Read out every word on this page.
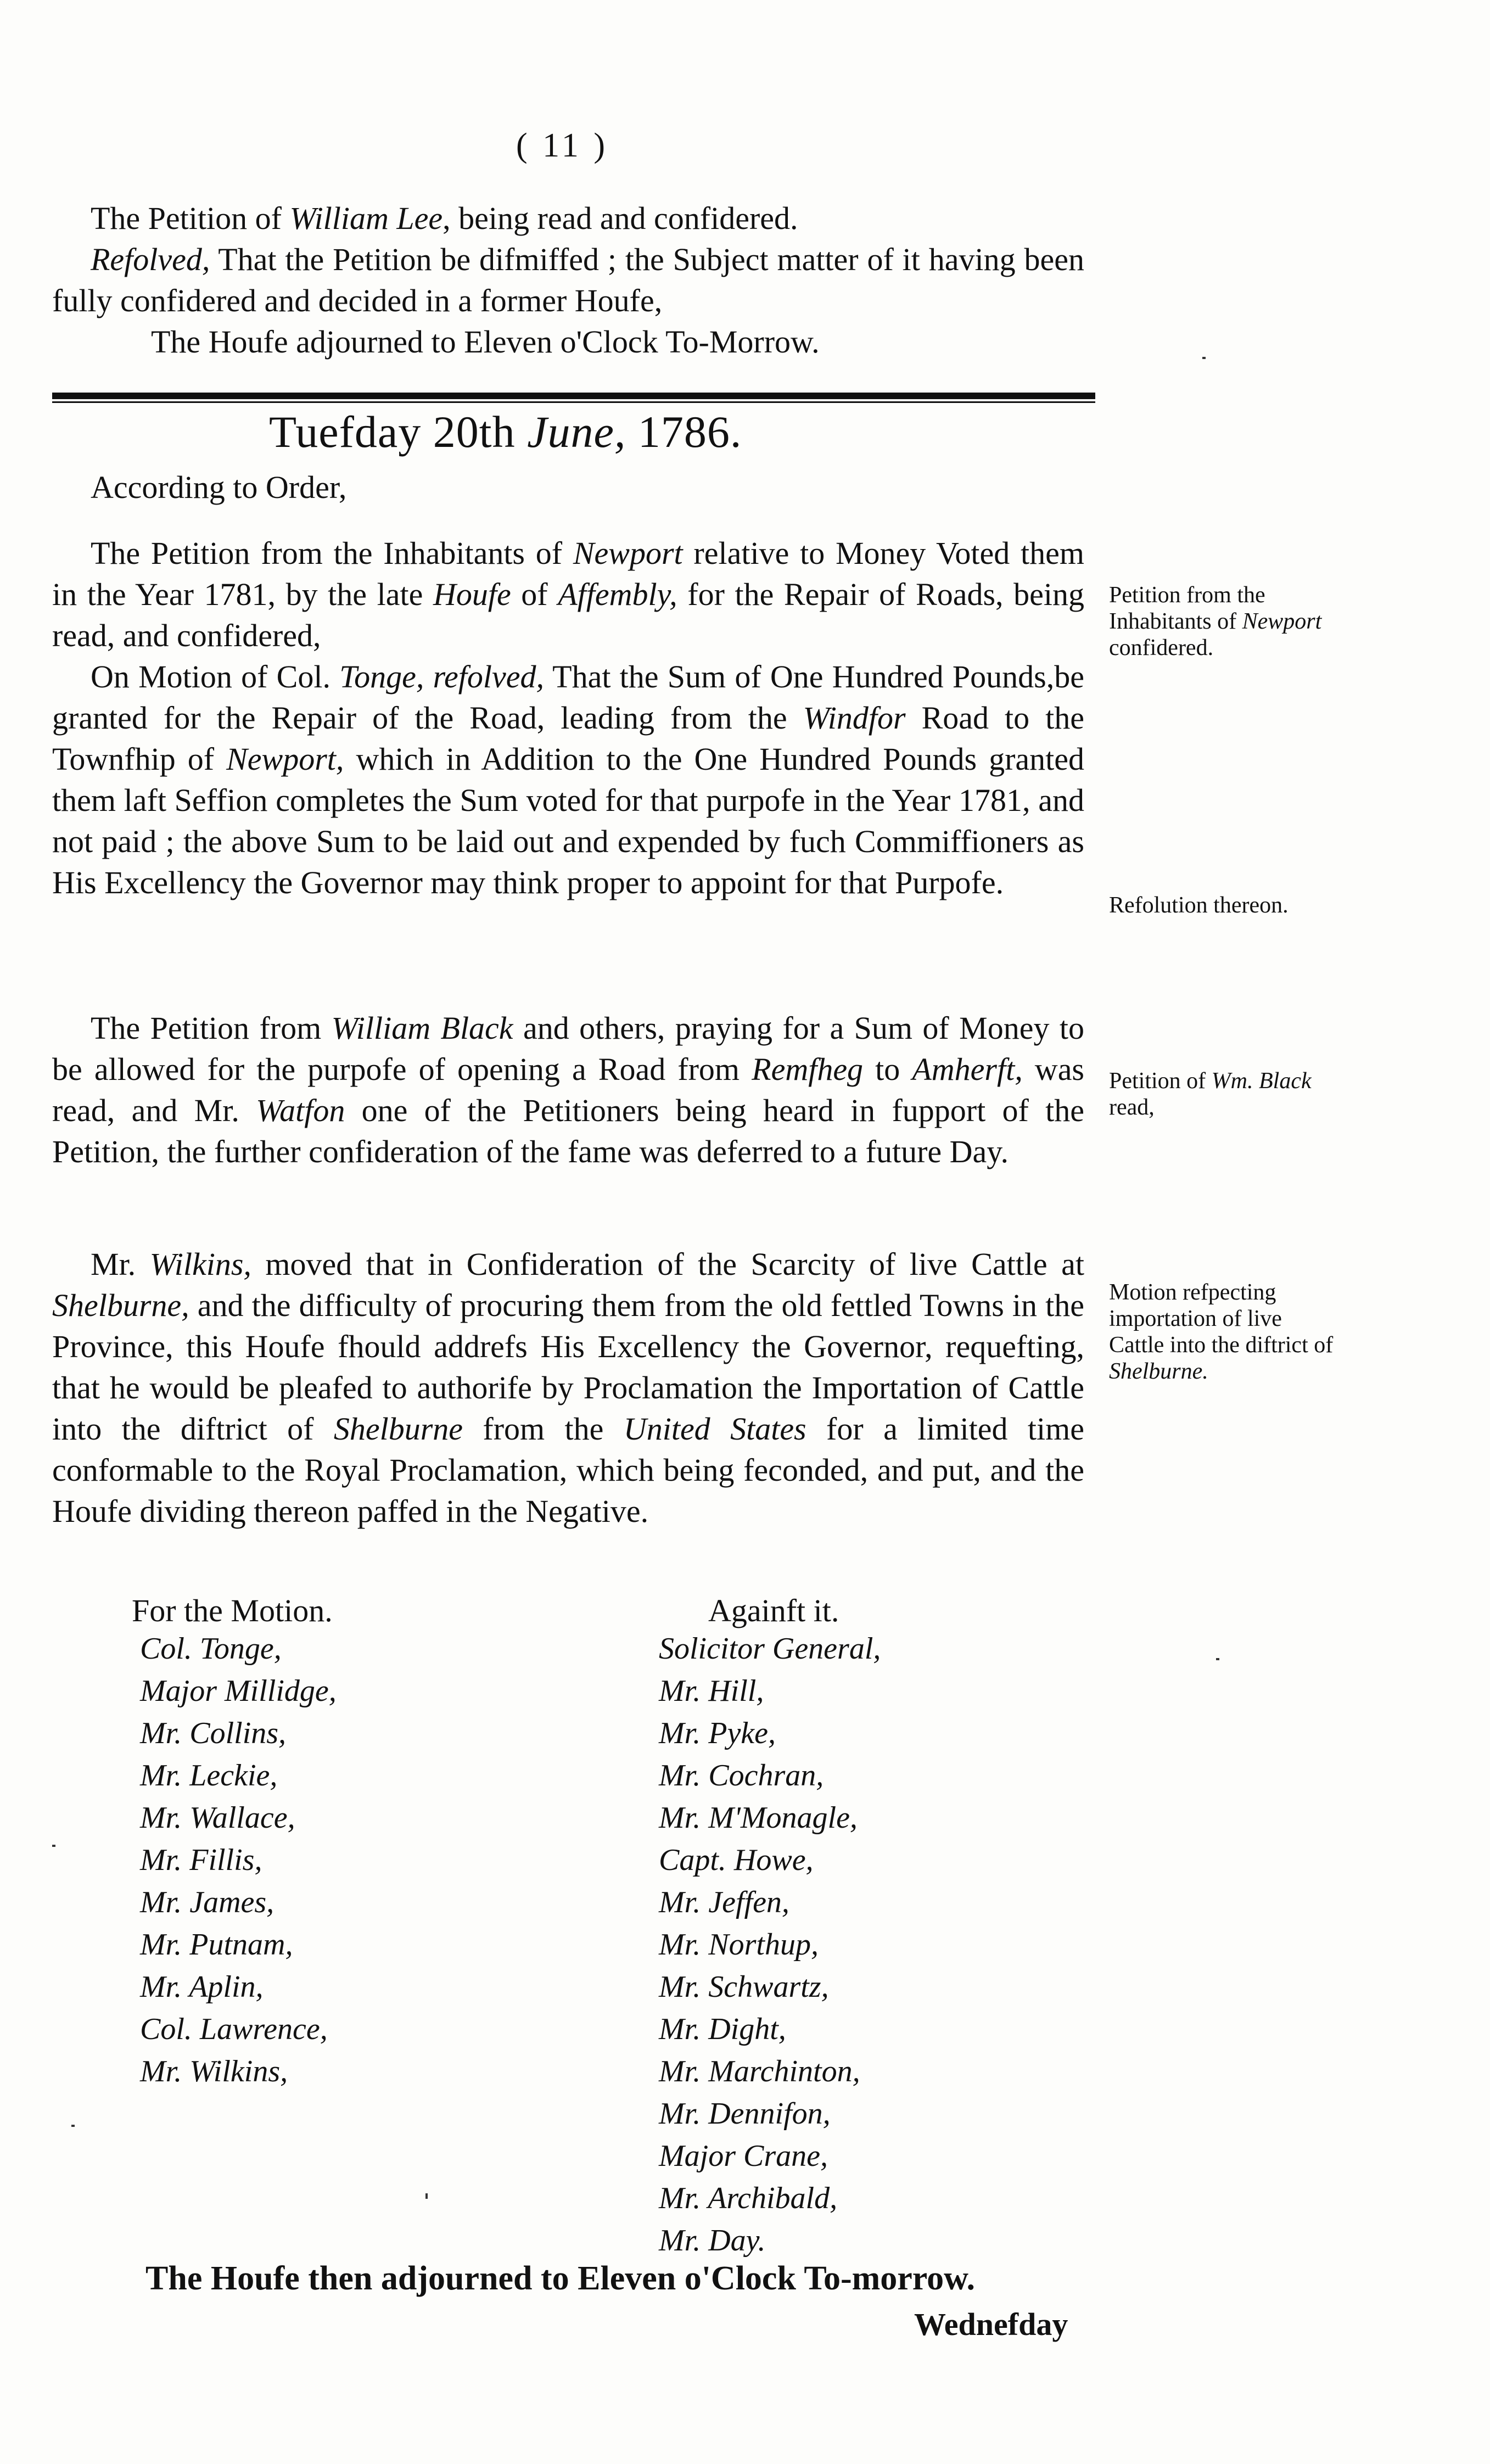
( 11 )

The Petition of William Lee, being read and confidered.

Refolved, That the Petition be difmiffed ; the Subject matter of it having been fully confidered and decided in a former Houfe,

The Houfe adjourned to Eleven o'Clock To-Morrow.

Tuefday 20th June, 1786.

According to Order,

The Petition from the Inhabitants of Newport relative to Money Voted them in the Year 1781, by the late Houfe of Affembly, for the Repair of Roads, being read, and confidered,

On Motion of Col. Tonge, refolved, That the Sum of One Hundred Pounds,be granted for the Repair of the Road, leading from the Windfor Road to the Townfhip of Newport, which in Addition to the One Hundred Pounds granted them laft Seffion completes the Sum voted for that purpofe in the Year 1781, and not paid ; the above Sum to be laid out and expended by fuch Commiffioners as His Excellency the Governor may think proper to appoint for that Purpofe.

The Petition from William Black and others, praying for a Sum of Money to be allowed for the purpofe of opening a Road from Remfheg to Amherft, was read, and Mr. Watfon one of the Petitioners being heard in fupport of the Petition, the further confideration of the fame was deferred to a future Day.

Mr. Wilkins, moved that in Confideration of the Scarcity of live Cattle at Shelburne, and the difficulty of procuring them from the old fettled Towns in the Province, this Houfe fhould addrefs His Excellency the Governor, requefting, that he would be pleafed to authorife by Proclamation the Importation of Cattle into the diftrict of Shelburne from the United States for a limited time conformable to the Royal Proclamation, which being feconded, and put, and the Houfe dividing thereon paffed in the Negative.

Petition from the Inhabitants of Newport confidered.
Refolution thereon.
Petition of Wm. Black read,
Motion refpecting importation of live Cattle into the diftrict of Shelburne.
For the Motion.	Againft it.
Col. Tonge,
Major Millidge,
Mr. Collins,
Mr. Leckie,
Mr. Wallace,
Mr. Fillis,
Mr. James,
Mr. Putnam,
Mr. Aplin,
Col. Lawrence,
Mr. Wilkins,
Solicitor General,
Mr. Hill,
Mr. Pyke,
Mr. Cochran,
Mr. M'Monagle,
Capt. Howe,
Mr. Jeffen,
Mr. Northup,
Mr. Schwartz,
Mr. Dight,
Mr. Marchinton,
Mr. Dennifon,
Major Crane,
Mr. Archibald,
Mr. Day.
The Houfe then adjourned to Eleven o'Clock To-morrow.
Wednefday
